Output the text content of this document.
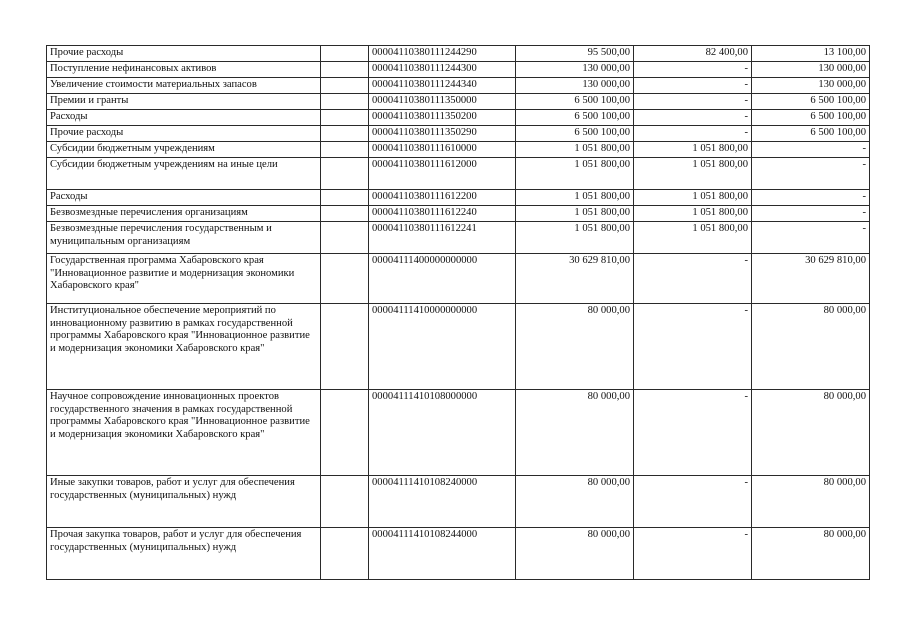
Прочие расходы		00004110380111244290	95 500,00	82 400,00	13 100,00
Поступление нефинансовых активов		00004110380111244300	130 000,00	-	130 000,00
Увеличение стоимости материальных запасов		00004110380111244340	130 000,00	-	130 000,00
Премии и гранты		00004110380111350000	6 500 100,00	-	6 500 100,00
Расходы		00004110380111350200	6 500 100,00	-	6 500 100,00
Прочие расходы		00004110380111350290	6 500 100,00	-	6 500 100,00
Субсидии бюджетным учреждениям		00004110380111610000	1 051 800,00	1 051 800,00	-
Субсидии бюджетным учреждениям на иные цели		00004110380111612000	1 051 800,00	1 051 800,00	-
Расходы		00004110380111612200	1 051 800,00	1 051 800,00	-
Безвозмездные перечисления организациям		00004110380111612240	1 051 800,00	1 051 800,00	-
Безвозмездные перечисления государственным и муниципальным организациям		00004110380111612241	1 051 800,00	1 051 800,00	-
Государственная программа Хабаровского края "Инновационное развитие и модернизация экономики Хабаровского края"		00004111400000000000	30 629 810,00	-	30 629 810,00
Институциональное обеспечение мероприятий по инновационному развитию в рамках государственной программы Хабаровского края "Инновационное развитие и модернизация экономики Хабаровского края"		00004111410000000000	80 000,00	-	80 000,00
Научное сопровождение инновационных проектов государственного значения в рамках государственной программы Хабаровского края "Инновационное развитие и модернизация экономики Хабаровского края"		00004111410108000000	80 000,00	-	80 000,00
Иные закупки товаров, работ и услуг для обеспечения государственных (муниципальных) нужд		00004111410108240000	80 000,00	-	80 000,00
Прочая закупка товаров, работ и услуг для обеспечения государственных (муниципальных) нужд		00004111410108244000	80 000,00	-	80 000,00
